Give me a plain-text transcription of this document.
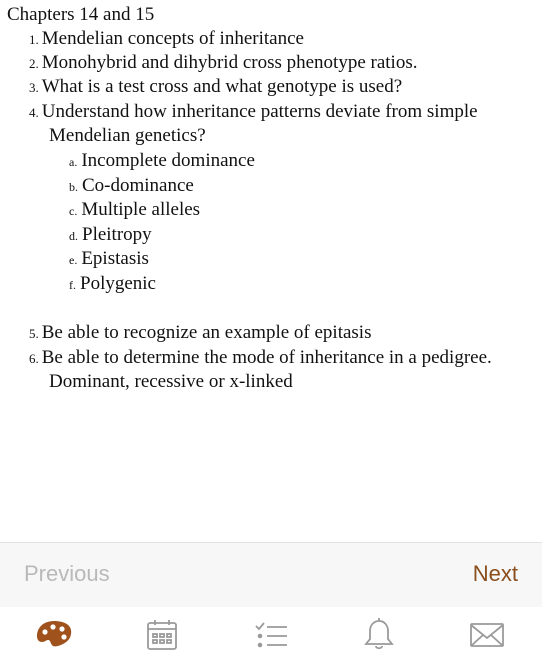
Chapters 14 and 15
1. Mendelian concepts of inheritance
2. Monohybrid and dihybrid cross phenotype ratios.
3. What is a test cross and what genotype is used?
4. Understand how inheritance patterns deviate from simple
Mendelian genetics?
a. Incomplete dominance
b. Co-dominance
c. Multiple alleles
d. Pleitropy
e. Epistasis
f. Polygenic
5. Be able to recognize an example of epitasis
6. Be able to determine the mode of inheritance in a pedigree.
Dominant, recessive or x-linked
Previous	Next
